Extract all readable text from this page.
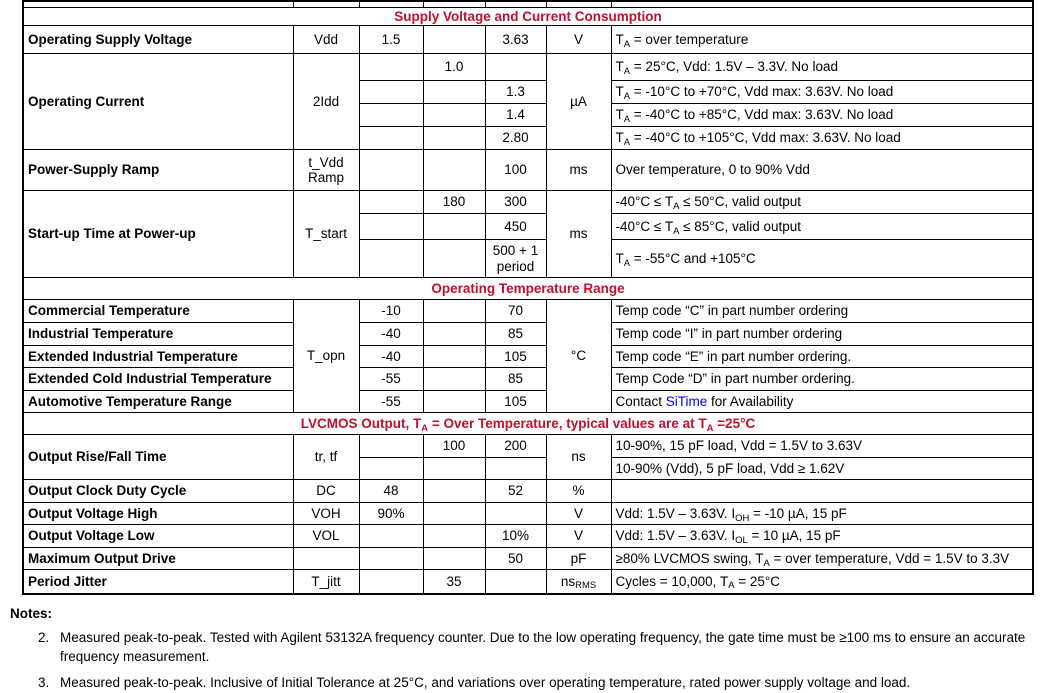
Supply Voltage and Current Consumption						
Operating Supply Voltage	Vdd	1.5		3.63	V	$T_A$ = over temperature
Operating Current	2Idd		1.0		µA	$T_A = 25^\circ C$, Vdd: 1.5V – 3.3V. No load
				1.3		$T_A = -10^\circ C$ to +70°C, Vdd max: 3.63V. No load
				1.4		$T_A = -40^\circ C$ to +85°C, Vdd max: 3.63V. No load
				2.80		$T_A = -40^\circ C$ to +105°C, Vdd max: 3.63V. No load
Power-Supply Ramp	t_Vdd Ramp			100	ms	Over temperature, 0 to 90% Vdd
Start-up Time at Power-up	T_start		180	300	ms	$-40^\circ C \le T_A \le 50^\circ C$, valid output
				450		$-40^\circ C \le T_A \le 85^\circ C$, valid output
				500 + 1 period		$T_A = -55^\circ C$ and +105°C
Operating Temperature Range						
Commercial Temperature	T_opn	-10		70	°C	Temp code “C” in part number ordering
Industrial Temperature		-40		85		Temp code “I” in part number ordering
Extended Industrial Temperature		-40		105		Temp code “E” in part number ordering.
Extended Cold Industrial Temperature		-55		85		Temp Code “D” in part number ordering.
Automotive Temperature Range		-55		105		Contact SiTime for Availability
LVCMOS Output, $T_A$ = Over Temperature, typical values are at $T_A =25^\circ C$						
Output Rise/Fall Time	tr, tf		100	200	ns	10-90%, 15 pF load, Vdd = 1.5V to 3.63V
						10-90% (Vdd), 5 pF load, Vdd ≥ 1.62V
Output Clock Duty Cycle	DC	48		52	%	
Output Voltage High	VOH	90%			V	Vdd: 1.5V – 3.63V. $I_{OH} = -10$ µA, 15 pF
Output Voltage Low	VOL			10%	V	Vdd: 1.5V – 3.63V. $I_{OL} = 10$ µA, 15 pF
Maximum Output Drive				50	pF	≥80% LVCMOS swing, $T_A$ = over temperature, Vdd = 1.5V to 3.3V
Period Jitter	T_jitt		35		$ns_{RMS}$	Cycles = 10,000, $T_A = 25^\circ C$
Notes:
2. Measured peak-to-peak. Tested with Agilent 53132A frequency counter. Due to the low operating frequency, the gate time must be ≥100 ms to ensure an accurate frequency measurement.
3. Measured peak-to-peak. Inclusive of Initial Tolerance at 25°C, and variations over operating temperature, rated power supply voltage and load.
